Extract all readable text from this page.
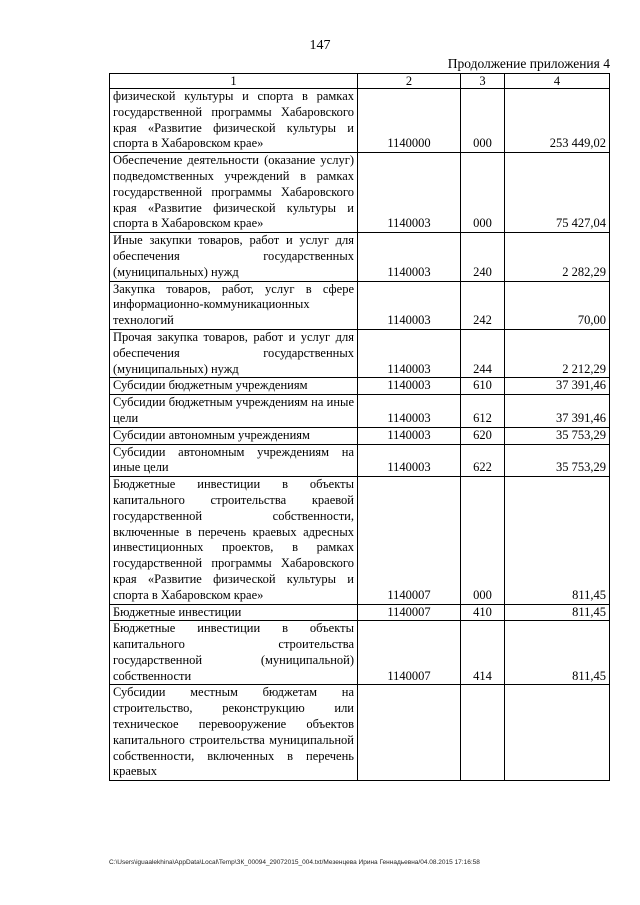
147
Продолжение приложения 4
1	2	3	4
физической культуры и спорта в рамках государственной программы Хабаровского края «Развитие физической культуры и спорта в Хабаровском крае»	1140000	000	253 449,02
Обеспечение деятельности (оказание услуг) подведомственных учреждений в рамках государственной программы Хабаровского края «Развитие физической культуры и спорта в Хабаровском крае»	1140003	000	75 427,04
Иные закупки товаров, работ и услуг для обеспечения государственных (муниципальных) нужд	1140003	240	2 282,29
Закупка товаров, работ, услуг в сфере информационно-коммуникационных технологий	1140003	242	70,00
Прочая закупка товаров, работ и услуг для обеспечения государственных (муниципальных) нужд	1140003	244	2 212,29
Субсидии бюджетным учреждениям	1140003	610	37 391,46
Субсидии бюджетным учреждениям на иные цели	1140003	612	37 391,46
Субсидии автономным учреждениям	1140003	620	35 753,29
Субсидии автономным учреждениям на иные цели	1140003	622	35 753,29
Бюджетные инвестиции в объекты капитального строительства краевой государственной собственности, включенные в перечень краевых адресных инвестиционных проектов, в рамках государственной программы Хабаровского края «Развитие физической культуры и спорта в Хабаровском крае»	1140007	000	811,45
Бюджетные инвестиции	1140007	410	811,45
Бюджетные инвестиции в объекты капитального строительства государственной (муниципальной) собственности	1140007	414	811,45
Субсидии местным бюджетам на строительство, реконструкцию или техническое перевооружение объектов капитального строительства муниципальной собственности, включенных в перечень краевых			
C:\Users\iguaalekhina\AppData\Local\Temp\ЗК_00094_29072015_004.txt/Мезенцева Ирина Геннадьевна/04.08.2015 17:16:58
